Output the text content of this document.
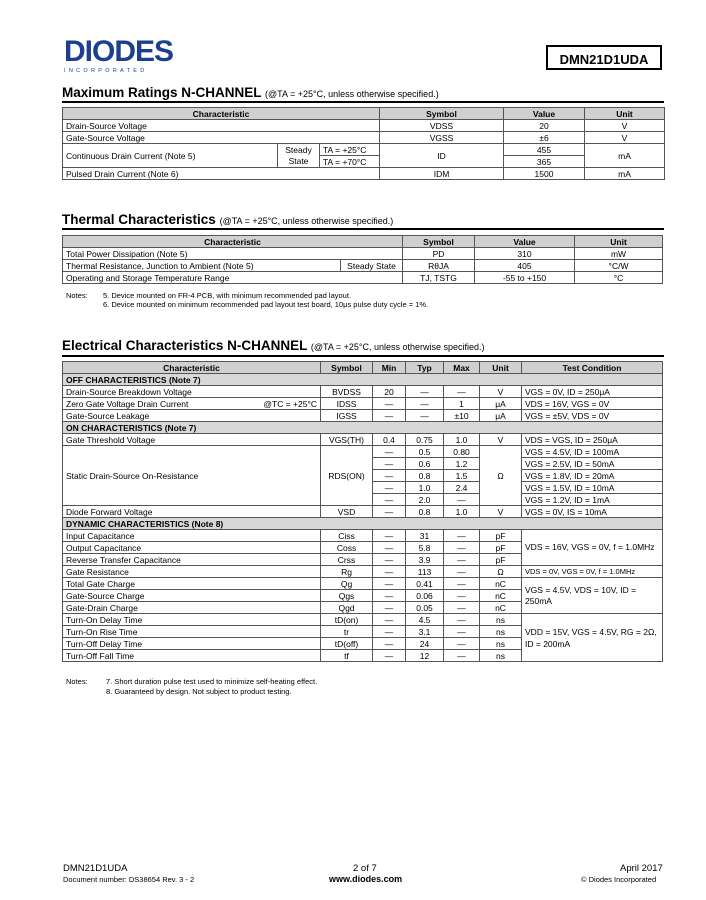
DIODES
INCORPORATED
DMN21D1UDA
Maximum Ratings N-CHANNEL (@TA = +25°C, unless otherwise specified.)
Characteristic			Symbol	Value	Unit
Drain-Source Voltage			VDSS	20	V
Gate-Source Voltage			VGSS	±6	V
Continuous Drain Current (Note 5)	Steady State	TA = +25°C	ID	455	mA
		TA = +70°C		365	
Pulsed Drain Current (Note 6)			IDM	1500	mA
Thermal Characteristics (@TA = +25°C, unless otherwise specified.)
Characteristic		Symbol	Value	Unit
Total Power Dissipation (Note 5)		PD	310	mW
Thermal Resistance, Junction to Ambient (Note 5)	Steady State	RθJA	405	°C/W
Operating and Storage Temperature Range		TJ, TSTG	-55 to +150	°C
Notes: 5. Device mounted on FR-4 PCB, with minimum recommended pad layout.
6. Device mounted on minimum recommended pad layout test board, 10μs pulse duty cycle = 1%.
Electrical Characteristics N-CHANNEL (@TA = +25°C, unless otherwise specified.)
Characteristic		Symbol	Min	Typ	Max	Unit	Test Condition
OFF CHARACTERISTICS (Note 7)							
Drain-Source Breakdown Voltage		BVDSS	20	—	—	V	VGS = 0V, ID = 250μA
Zero Gate Voltage Drain Current	@TC = +25°C	IDSS	—	—	1	μA	VDS = 16V, VGS = 0V
Gate-Source Leakage		IGSS	—	—	±10	μA	VGS = ±5V, VDS = 0V
ON CHARACTERISTICS (Note 7)							
Gate Threshold Voltage		VGS(TH)	0.4	0.75	1.0	V	VDS = VGS, ID = 250μA
Static Drain-Source On-Resistance		RDS(ON)	—	0.5	0.80	Ω	VGS = 4.5V, ID = 100mA
			—	0.6	1.2		VGS = 2.5V, ID = 50mA
			—	0.8	1.5		VGS = 1.8V, ID = 20mA
			—	1.0	2.4		VGS = 1.5V, ID = 10mA
			—	2.0	—		VGS = 1.2V, ID = 1mA
Diode Forward Voltage		VSD	—	0.8	1.0	V	VGS = 0V, IS = 10mA
DYNAMIC CHARACTERISTICS (Note 8)							
Input Capacitance		Ciss	—	31	—	pF	VDS = 16V, VGS = 0V, f = 1.0MHz
Output Capacitance		Coss	—	5.8	—	pF	
Reverse Transfer Capacitance		Crss	—	3.9	—	pF	
Gate Resistance		Rg	—	113	—	Ω	VDS = 0V, VGS = 0V, f = 1.0MHz
Total Gate Charge		Qg	—	0.41	—	nC	VGS = 4.5V, VDS = 10V, ID = 250mA
Gate-Source Charge		Qgs	—	0.06	—	nC	
Gate-Drain Charge		Qgd	—	0.05	—	nC	
Turn-On Delay Time		tD(on)	—	4.5	—	ns	VDD = 15V, VGS = 4.5V, RG = 2Ω, ID = 200mA
Turn-On Rise Time		tr	—	3.1	—	ns	
Turn-Off Delay Time		tD(off)	—	24	—	ns	
Turn-Off Fall Time		tf	—	12	—	ns	
Notes: 7. Short duration pulse test used to minimize self-heating effect.
8. Guaranteed by design. Not subject to product testing.
DMN21D1UDA
Document number: DS38654 Rev. 3 - 2
2 of 7
www.diodes.com
April 2017
© Diodes Incorporated
